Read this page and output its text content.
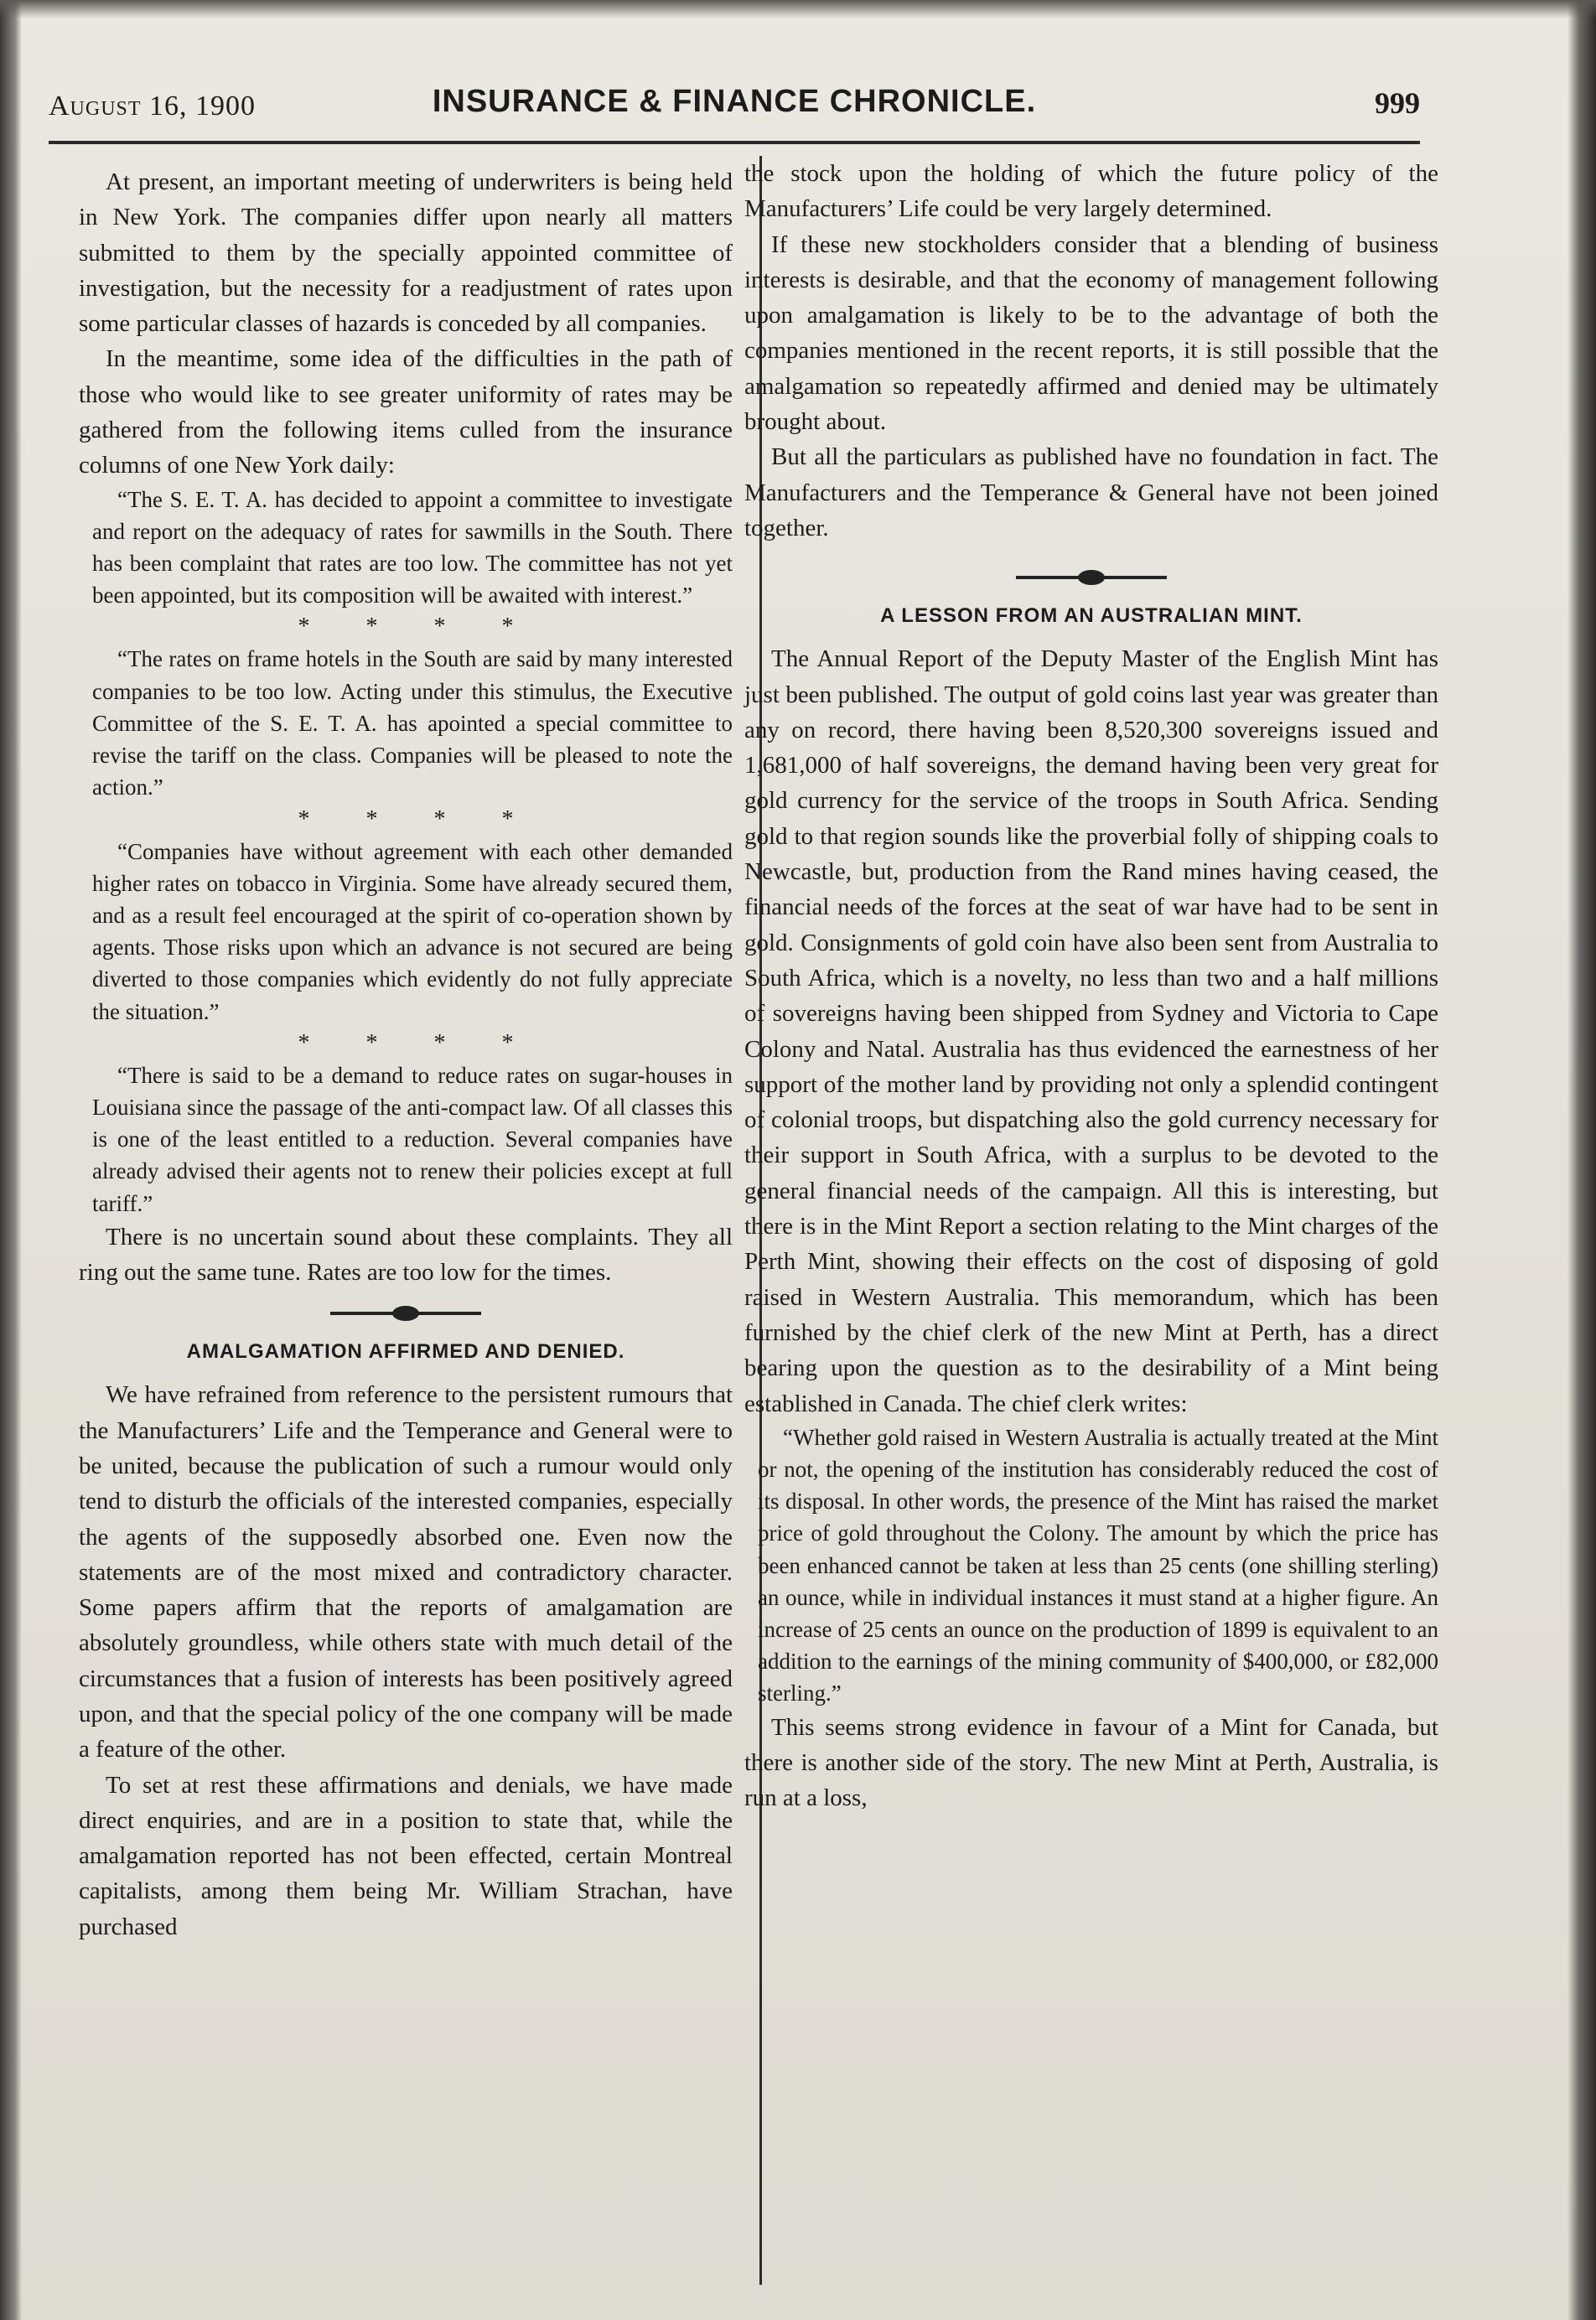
August 16, 1900	INSURANCE & FINANCE CHRONICLE.	999

At present, an important meeting of underwriters is being held in New York. The companies differ upon nearly all matters submitted to them by the specially appointed committee of investigation, but the necessity for a readjustment of rates upon some particular classes of hazards is conceded by all companies.

In the meantime, some idea of the difficulties in the path of those who would like to see greater uniformity of rates may be gathered from the following items culled from the insurance columns of one New York daily:

“The S. E. T. A. has decided to appoint a committee to investigate and report on the adequacy of rates for sawmills in the South. There has been complaint that rates are too low. The committee has not yet been appointed, but its composition will be awaited with interest.”

* * * *

“The rates on frame hotels in the South are said by many interested companies to be too low. Acting under this stimulus, the Executive Committee of the S. E. T. A. has apointed a special committee to revise the tariff on the class. Companies will be pleased to note the action.”

* * * *

“Companies have without agreement with each other demanded higher rates on tobacco in Virginia. Some have already secured them, and as a result feel encouraged at the spirit of co-operation shown by agents. Those risks upon which an advance is not secured are being diverted to those companies which evidently do not fully appreciate the situation.”

* * * *

“There is said to be a demand to reduce rates on sugar-houses in Louisiana since the passage of the anti-compact law. Of all classes this is one of the least entitled to a reduction. Several companies have already advised their agents not to renew their policies except at full tariff.”

There is no uncertain sound about these complaints. They all ring out the same tune. Rates are too low for the times.

AMALGAMATION AFFIRMED AND DENIED.

We have refrained from reference to the persistent rumours that the Manufacturers’ Life and the Temperance and General were to be united, because the publication of such a rumour would only tend to disturb the officials of the interested companies, especially the agents of the supposedly absorbed one. Even now the statements are of the most mixed and contradictory character. Some papers affirm that the reports of amalgamation are absolutely groundless, while others state with much detail of the circumstances that a fusion of interests has been positively agreed upon, and that the special policy of the one company will be made a feature of the other.

To set at rest these affirmations and denials, we have made direct enquiries, and are in a position to state that, while the amalgamation reported has not been effected, certain Montreal capitalists, among them being Mr. William Strachan, have purchased

the stock upon the holding of which the future policy of the Manufacturers’ Life could be very largely determined.

If these new stockholders consider that a blending of business interests is desirable, and that the economy of management following upon amalgamation is likely to be to the advantage of both the companies mentioned in the recent reports, it is still possible that the amalgamation so repeatedly affirmed and denied may be ultimately brought about.

But all the particulars as published have no foundation in fact. The Manufacturers and the Temperance & General have not been joined together.

A LESSON FROM AN AUSTRALIAN MINT.

The Annual Report of the Deputy Master of the English Mint has just been published. The output of gold coins last year was greater than any on record, there having been 8,520,300 sovereigns issued and 1,681,000 of half sovereigns, the demand having been very great for gold currency for the service of the troops in South Africa. Sending gold to that region sounds like the proverbial folly of shipping coals to Newcastle, but, production from the Rand mines having ceased, the financial needs of the forces at the seat of war have had to be sent in gold. Consignments of gold coin have also been sent from Australia to South Africa, which is a novelty, no less than two and a half millions of sovereigns having been shipped from Sydney and Victoria to Cape Colony and Natal. Australia has thus evidenced the earnestness of her support of the mother land by providing not only a splendid contingent of colonial troops, but dispatching also the gold currency necessary for their support in South Africa, with a surplus to be devoted to the general financial needs of the campaign. All this is interesting, but there is in the Mint Report a section relating to the Mint charges of the Perth Mint, showing their effects on the cost of disposing of gold raised in Western Australia. This memorandum, which has been furnished by the chief clerk of the new Mint at Perth, has a direct bearing upon the question as to the desirability of a Mint being established in Canada. The chief clerk writes:

“Whether gold raised in Western Australia is actually treated at the Mint or not, the opening of the institution has considerably reduced the cost of its disposal. In other words, the presence of the Mint has raised the market price of gold throughout the Colony. The amount by which the price has been enhanced cannot be taken at less than 25 cents (one shilling sterling) an ounce, while in individual instances it must stand at a higher figure. An increase of 25 cents an ounce on the production of 1899 is equivalent to an addition to the earnings of the mining community of $400,000, or £82,000 sterling.”

This seems strong evidence in favour of a Mint for Canada, but there is another side of the story. The new Mint at Perth, Australia, is run at a loss,
